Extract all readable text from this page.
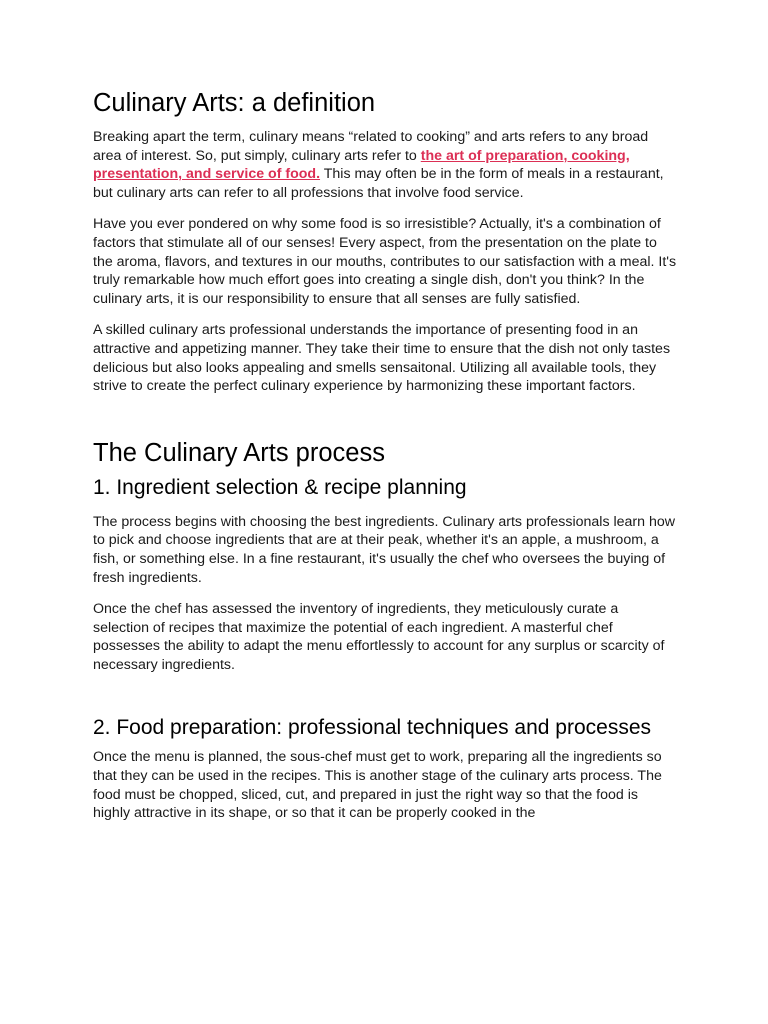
Culinary Arts: a definition

Breaking apart the term, culinary means “related to cooking” and arts refers to any broad area of interest. So, put simply, culinary arts refer to the art of preparation, cooking, presentation, and service of food. This may often be in the form of meals in a restaurant, but culinary arts can refer to all professions that involve food service.

Have you ever pondered on why some food is so irresistible? Actually, it's a combination of factors that stimulate all of our senses! Every aspect, from the presentation on the plate to the aroma, flavors, and textures in our mouths, contributes to our satisfaction with a meal. It's truly remarkable how much effort goes into creating a single dish, don't you think? In the culinary arts, it is our responsibility to ensure that all senses are fully satisfied.

A skilled culinary arts professional understands the importance of presenting food in an attractive and appetizing manner. They take their time to ensure that the dish not only tastes delicious but also looks appealing and smells sensaitonal. Utilizing all available tools, they strive to create the perfect culinary experience by harmonizing these important factors.

The Culinary Arts process
1. Ingredient selection & recipe planning

The process begins with choosing the best ingredients. Culinary arts professionals learn how to pick and choose ingredients that are at their peak, whether it's an apple, a mushroom, a fish, or something else. In a fine restaurant, it's usually the chef who oversees the buying of fresh ingredients.

Once the chef has assessed the inventory of ingredients, they meticulously curate a selection of recipes that maximize the potential of each ingredient. A masterful chef possesses the ability to adapt the menu effortlessly to account for any surplus or scarcity of necessary ingredients.

2. Food preparation: professional techniques and processes

Once the menu is planned, the sous-chef must get to work, preparing all the ingredients so that they can be used in the recipes. This is another stage of the culinary arts process. The food must be chopped, sliced, cut, and prepared in just the right way so that the food is highly attractive in its shape, or so that it can be properly cooked in the
